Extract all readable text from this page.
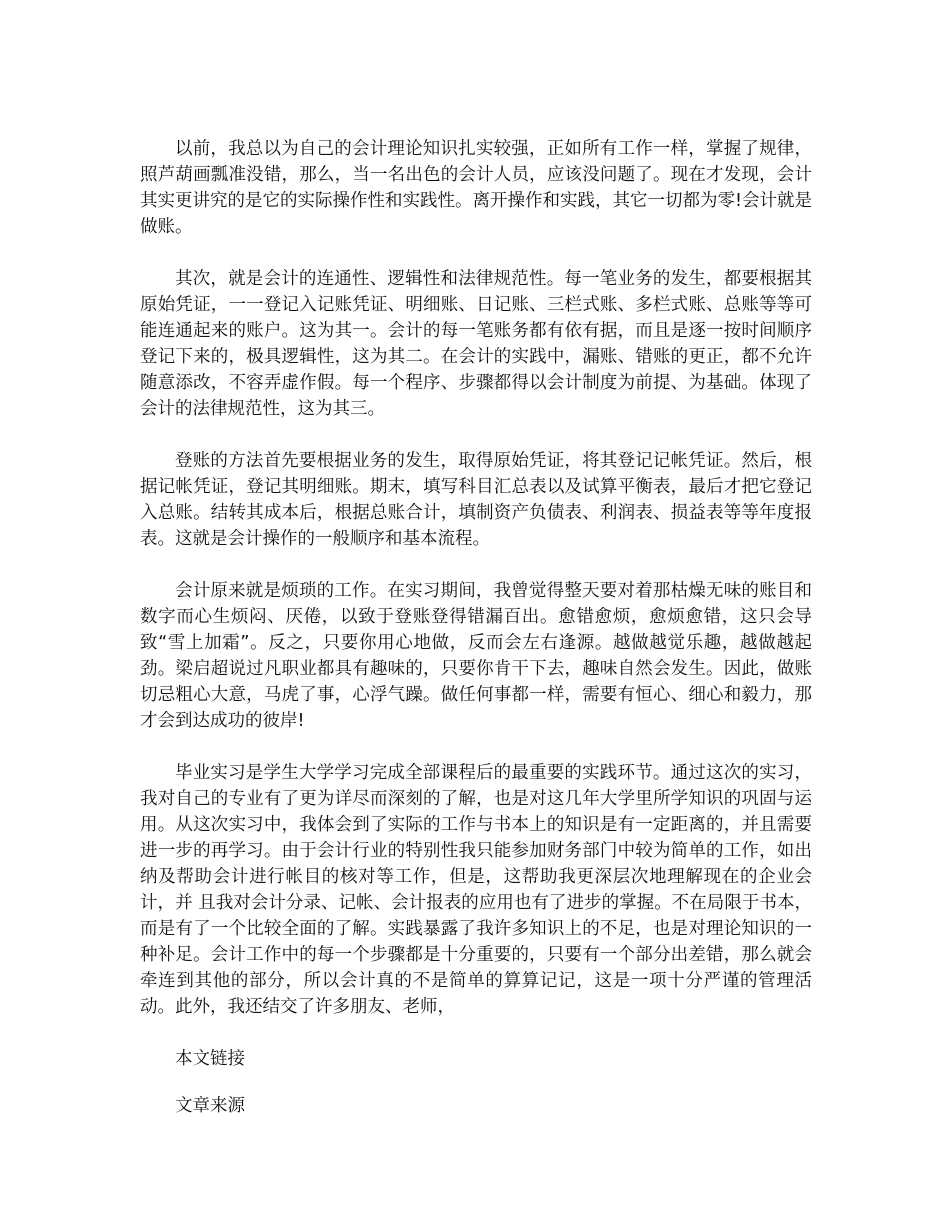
以前，我总以为自己的会计理论知识扎实较强，正如所有工作一样，掌握了规律，照芦葫画瓢准没错，那么，当一名出色的会计人员，应该没问题了。现在才发现，会计其实更讲究的是它的实际操作性和实践性。离开操作和实践，其它一切都为零!会计就是做账。

其次，就是会计的连通性、逻辑性和法律规范性。每一笔业务的发生，都要根据其原始凭证，一一登记入记账凭证、明细账、日记账、三栏式账、多栏式账、总账等等可能连通起来的账户。这为其一。会计的每一笔账务都有依有据，而且是逐一按时间顺序登记下来的，极具逻辑性，这为其二。在会计的实践中，漏账、错账的更正，都不允许随意添改，不容弄虚作假。每一个程序、步骤都得以会计制度为前提、为基础。体现了会计的法律规范性，这为其三。

登账的方法首先要根据业务的发生，取得原始凭证，将其登记记帐凭证。然后，根据记帐凭证，登记其明细账。期末，填写科目汇总表以及试算平衡表，最后才把它登记入总账。结转其成本后，根据总账合计，填制资产负债表、利润表、损益表等等年度报表。这就是会计操作的一般顺序和基本流程。

会计原来就是烦琐的工作。在实习期间，我曾觉得整天要对着那枯燥无味的账目和数字而心生烦闷、厌倦，以致于登账登得错漏百出。愈错愈烦，愈烦愈错，这只会导致“雪上加霜”。反之，只要你用心地做，反而会左右逢源。越做越觉乐趣，越做越起劲。梁启超说过凡职业都具有趣味的，只要你肯干下去，趣味自然会发生。因此，做账切忌粗心大意，马虎了事，心浮气躁。做任何事都一样，需要有恒心、细心和毅力，那才会到达成功的彼岸!

毕业实习是学生大学学习完成全部课程后的最重要的实践环节。通过这次的实习，我对自己的专业有了更为详尽而深刻的了解，也是对这几年大学里所学知识的巩固与运用。从这次实习中，我体会到了实际的工作与书本上的知识是有一定距离的，并且需要进一步的再学习。由于会计行业的特别性我只能参加财务部门中较为简单的工作，如出纳及帮助会计进行帐目的核对等工作，但是，这帮助我更深层次地理解现在的企业会计，并 且我对会计分录、记帐、会计报表的应用也有了进步的掌握。不在局限于书本，而是有了一个比较全面的了解。实践暴露了我许多知识上的不足，也是对理论知识的一种补足。会计工作中的每一个步骤都是十分重要的，只要有一个部分出差错，那么就会牵连到其他的部分，所以会计真的不是简单的算算记记，这是一项十分严谨的管理活动。此外，我还结交了许多朋友、老师，

本文链接

文章来源
